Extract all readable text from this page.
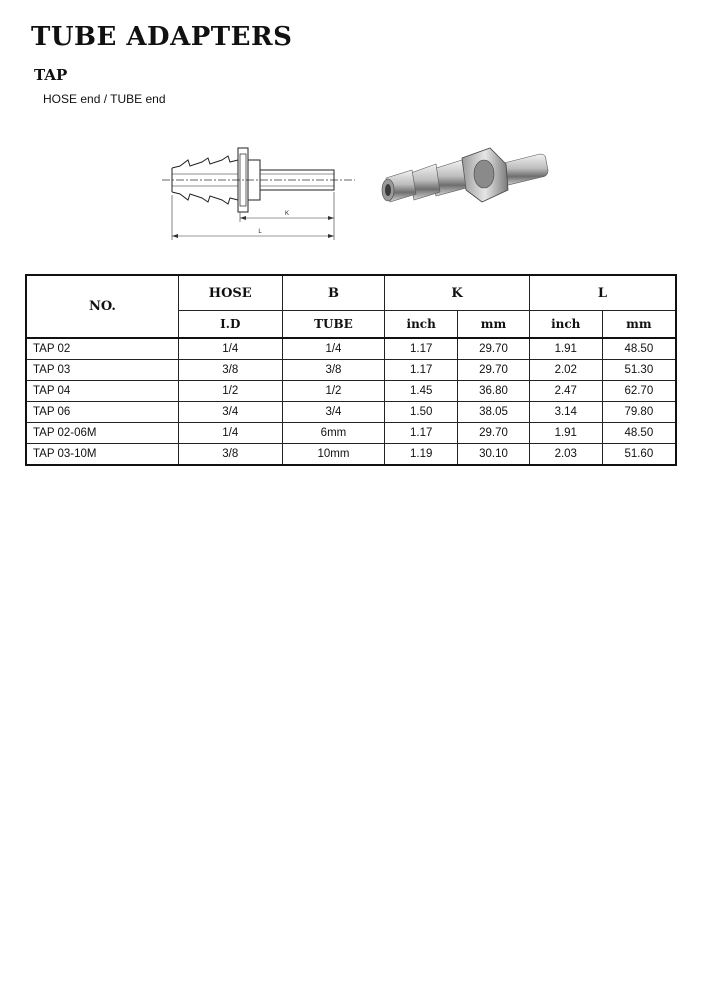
TUBE ADAPTERS
TAP

HOSE end / TUBE end

K
L
NO.	HOSE	B	K		L	
	I.D	TUBE	inch	mm	inch	mm
TAP 02	1/4	1/4	1.17	29.70	1.91	48.50
TAP 03	3/8	3/8	1.17	29.70	2.02	51.30
TAP 04	1/2	1/2	1.45	36.80	2.47	62.70
TAP 06	3/4	3/4	1.50	38.05	3.14	79.80
TAP 02-06M	1/4	6mm	1.17	29.70	1.91	48.50
TAP 03-10M	3/8	10mm	1.19	30.10	2.03	51.60
